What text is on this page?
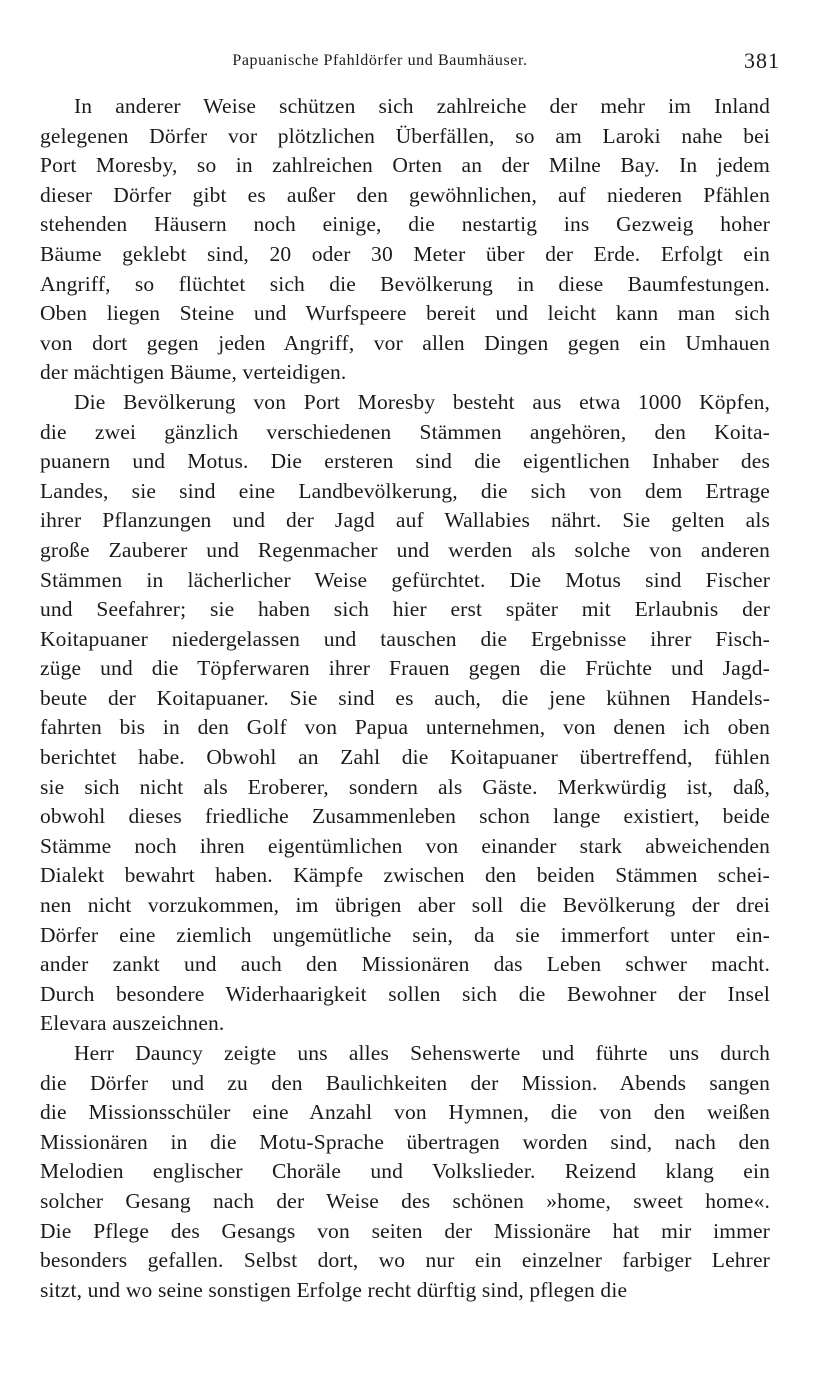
Papuanische Pfahldörfer und Baumhäuser.	381
In anderer Weise schützen sich zahlreiche der mehr im Inland
gelegenen Dörfer vor plötzlichen Überfällen, so am Laroki nahe bei
Port Moresby, so in zahlreichen Orten an der Milne Bay. In jedem
dieser Dörfer gibt es außer den gewöhnlichen, auf niederen Pfählen
stehenden Häusern noch einige, die nestartig ins Gezweig hoher
Bäume geklebt sind, 20 oder 30 Meter über der Erde. Erfolgt ein
Angriff, so flüchtet sich die Bevölkerung in diese Baumfestungen.
Oben liegen Steine und Wurfspeere bereit und leicht kann man sich
von dort gegen jeden Angriff, vor allen Dingen gegen ein Umhauen
der mächtigen Bäume, verteidigen.
Die Bevölkerung von Port Moresby besteht aus etwa 1000 Köpfen,
die zwei gänzlich verschiedenen Stämmen angehören, den Koita-
puanern und Motus. Die ersteren sind die eigentlichen Inhaber des
Landes, sie sind eine Landbevölkerung, die sich von dem Ertrage
ihrer Pflanzungen und der Jagd auf Wallabies nährt. Sie gelten als
große Zauberer und Regenmacher und werden als solche von anderen
Stämmen in lächerlicher Weise gefürchtet. Die Motus sind Fischer
und Seefahrer; sie haben sich hier erst später mit Erlaubnis der
Koitapuaner niedergelassen und tauschen die Ergebnisse ihrer Fisch-
züge und die Töpferwaren ihrer Frauen gegen die Früchte und Jagd-
beute der Koitapuaner. Sie sind es auch, die jene kühnen Handels-
fahrten bis in den Golf von Papua unternehmen, von denen ich oben
berichtet habe. Obwohl an Zahl die Koitapuaner übertreffend, fühlen
sie sich nicht als Eroberer, sondern als Gäste. Merkwürdig ist, daß,
obwohl dieses friedliche Zusammenleben schon lange existiert, beide
Stämme noch ihren eigentümlichen von einander stark abweichenden
Dialekt bewahrt haben. Kämpfe zwischen den beiden Stämmen schei-
nen nicht vorzukommen, im übrigen aber soll die Bevölkerung der drei
Dörfer eine ziemlich ungemütliche sein, da sie immerfort unter ein-
ander zankt und auch den Missionären das Leben schwer macht.
Durch besondere Widerhaarigkeit sollen sich die Bewohner der Insel
Elevara auszeichnen.
Herr Dauncy zeigte uns alles Sehenswerte und führte uns durch
die Dörfer und zu den Baulichkeiten der Mission. Abends sangen
die Missionsschüler eine Anzahl von Hymnen, die von den weißen
Missionären in die Motu-Sprache übertragen worden sind, nach den
Melodien englischer Choräle und Volkslieder. Reizend klang ein
solcher Gesang nach der Weise des schönen »home, sweet home«.
Die Pflege des Gesangs von seiten der Missionäre hat mir immer
besonders gefallen. Selbst dort, wo nur ein einzelner farbiger Lehrer
sitzt, und wo seine sonstigen Erfolge recht dürftig sind, pflegen die
